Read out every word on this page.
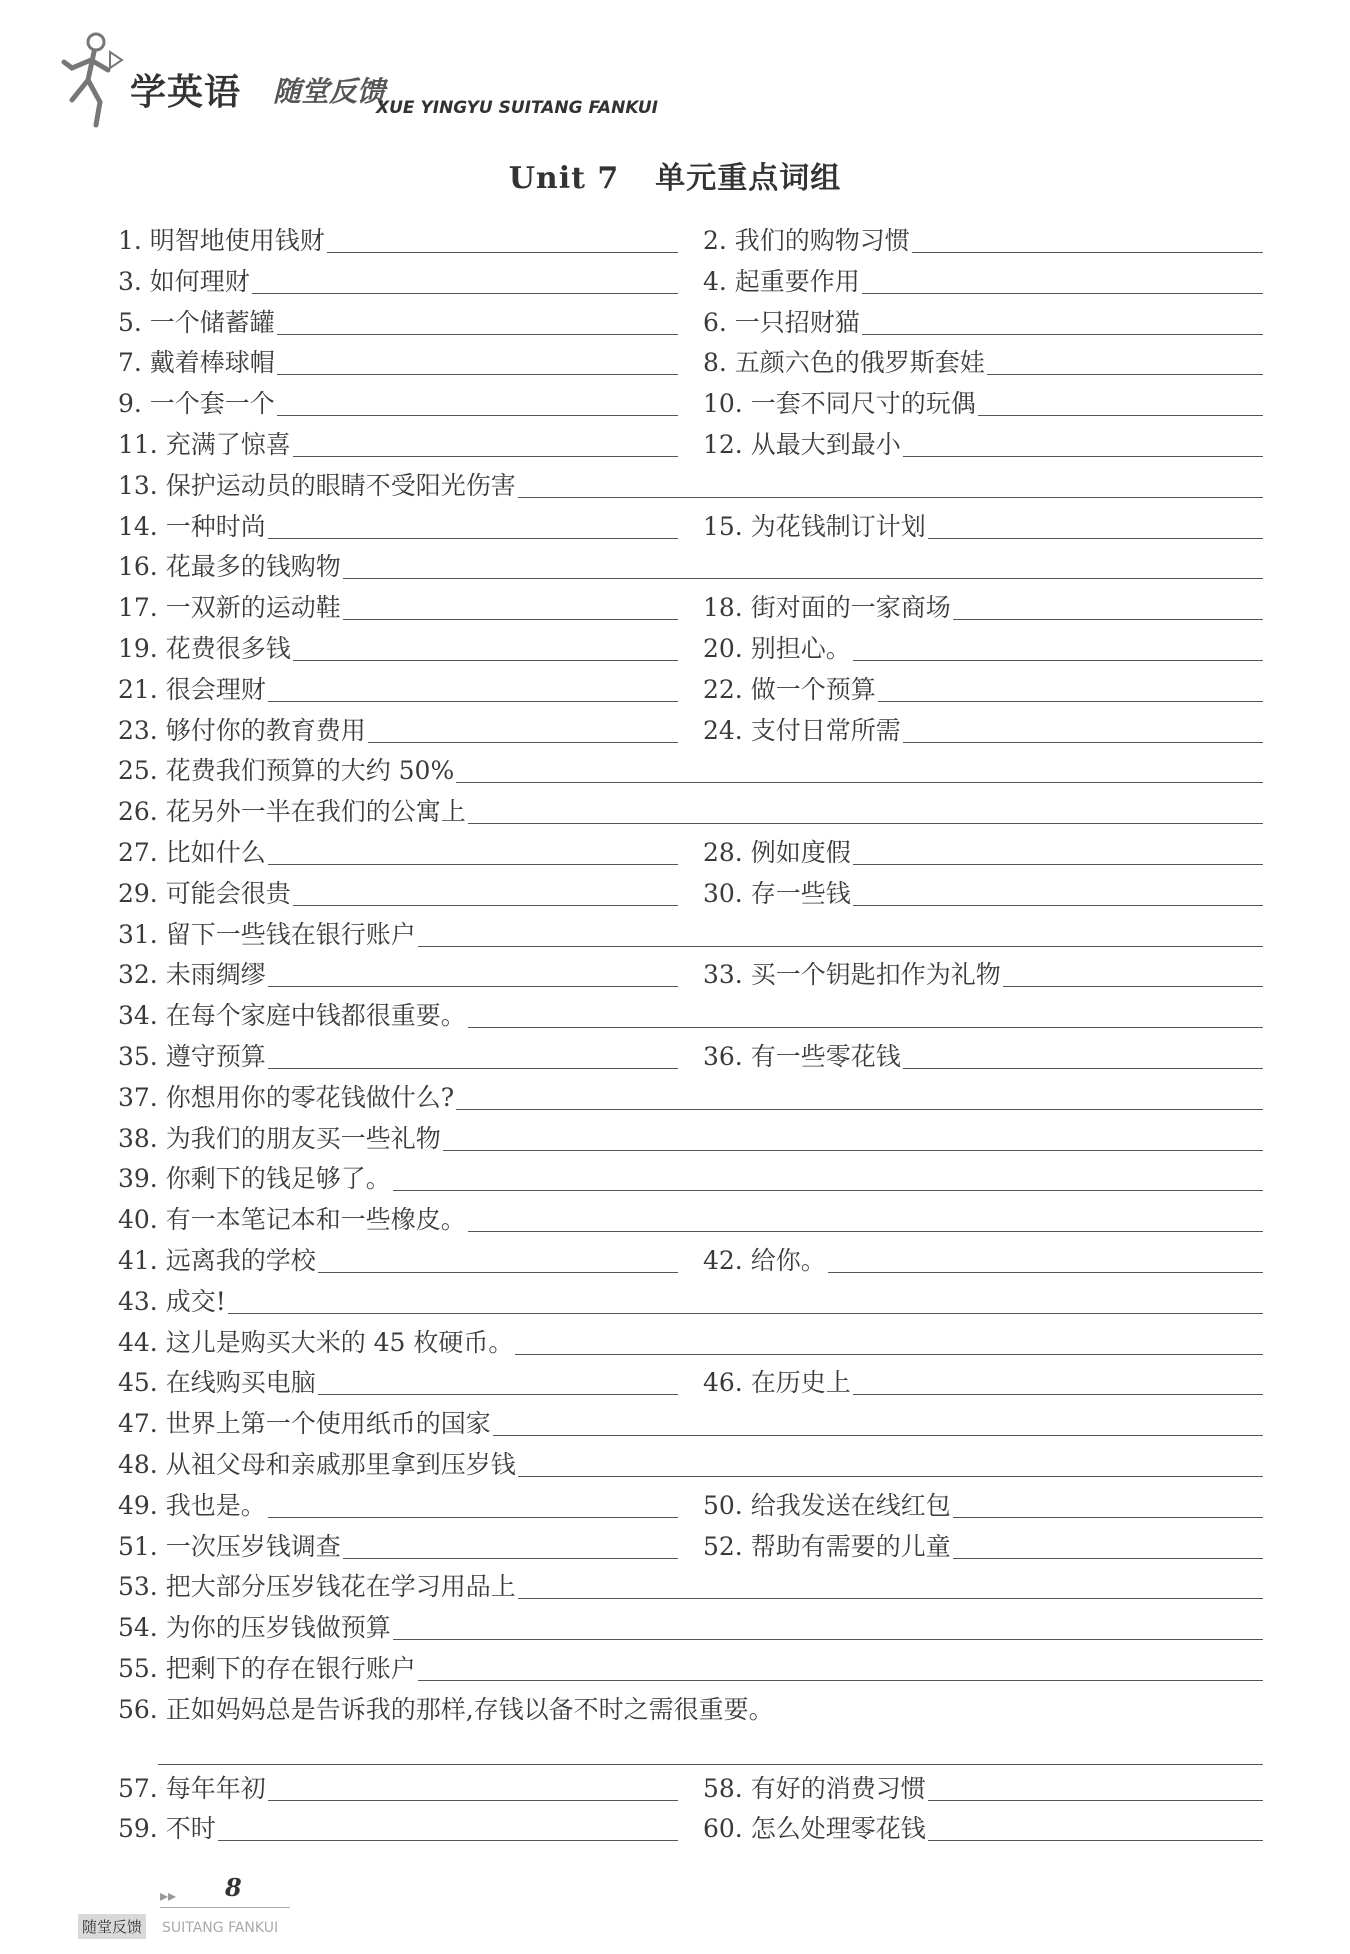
学英语 随堂反馈
XUE YINGYU SUITANG FANKUI
Unit 7 单元重点词组
1. 明智地使用钱财	2. 我们的购物习惯
3. 如何理财	4. 起重要作用
5. 一个储蓄罐	6. 一只招财猫
7. 戴着棒球帽	8. 五颜六色的俄罗斯套娃
9. 一个套一个	10. 一套不同尺寸的玩偶
11. 充满了惊喜	12. 从最大到最小
13. 保护运动员的眼睛不受阳光伤害
14. 一种时尚	15. 为花钱制订计划
16. 花最多的钱购物
17. 一双新的运动鞋	18. 街对面的一家商场
19. 花费很多钱	20. 别担心。
21. 很会理财	22. 做一个预算
23. 够付你的教育费用	24. 支付日常所需
25. 花费我们预算的大约 50%
26. 花另外一半在我们的公寓上
27. 比如什么	28. 例如度假
29. 可能会很贵	30. 存一些钱
31. 留下一些钱在银行账户
32. 未雨绸缪	33. 买一个钥匙扣作为礼物
34. 在每个家庭中钱都很重要。
35. 遵守预算	36. 有一些零花钱
37. 你想用你的零花钱做什么?
38. 为我们的朋友买一些礼物
39. 你剩下的钱足够了。
40. 有一本笔记本和一些橡皮。
41. 远离我的学校	42. 给你。
43. 成交!
44. 这儿是购买大米的 45 枚硬币。
45. 在线购买电脑	46. 在历史上
47. 世界上第一个使用纸币的国家
48. 从祖父母和亲戚那里拿到压岁钱
49. 我也是。	50. 给我发送在线红包
51. 一次压岁钱调查	52. 帮助有需要的儿童
53. 把大部分压岁钱花在学习用品上
54. 为你的压岁钱做预算
55. 把剩下的存在银行账户
56. 正如妈妈总是告诉我的那样,存钱以备不时之需很重要。
57. 每年年初	58. 有好的消费习惯
59. 不时	60. 怎么处理零花钱
▸▸ 8
随堂反馈 SUITANG FANKUI
